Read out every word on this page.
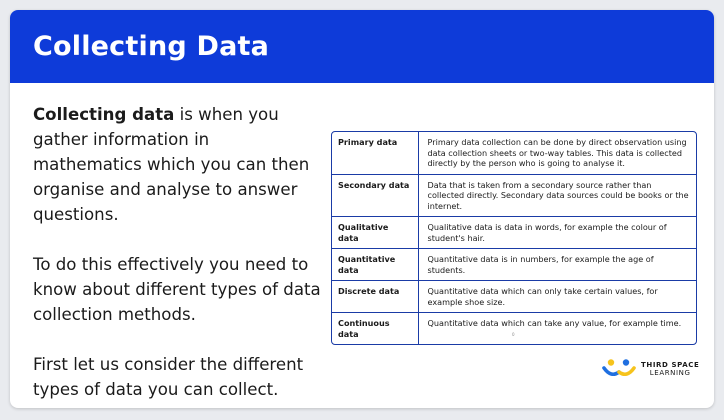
Collecting Data

Collecting data is when you gather information in mathematics which you can then organise and analyse to answer questions.

To do this effectively you need to know about different types of data collection methods.

First let us consider the different types of data you can collect.

Primary data	Primary data collection can be done by direct observation using data collection sheets or two-way tables. This data is collected directly by the person who is going to analyse it.
Secondary data	Data that is taken from a secondary source rather than collected directly. Secondary data sources could be books or the internet.
Qualitative data	Qualitative data is data in words, for example the colour of student's hair.
Quantitative data	Quantitative data is in numbers, for example the age of students.
Discrete data	Quantitative data which can only take certain values, for example shoe size.
Continuous data	Quantitative data which can take any value, for example time.
0
THIRD SPACE
LEARNING
